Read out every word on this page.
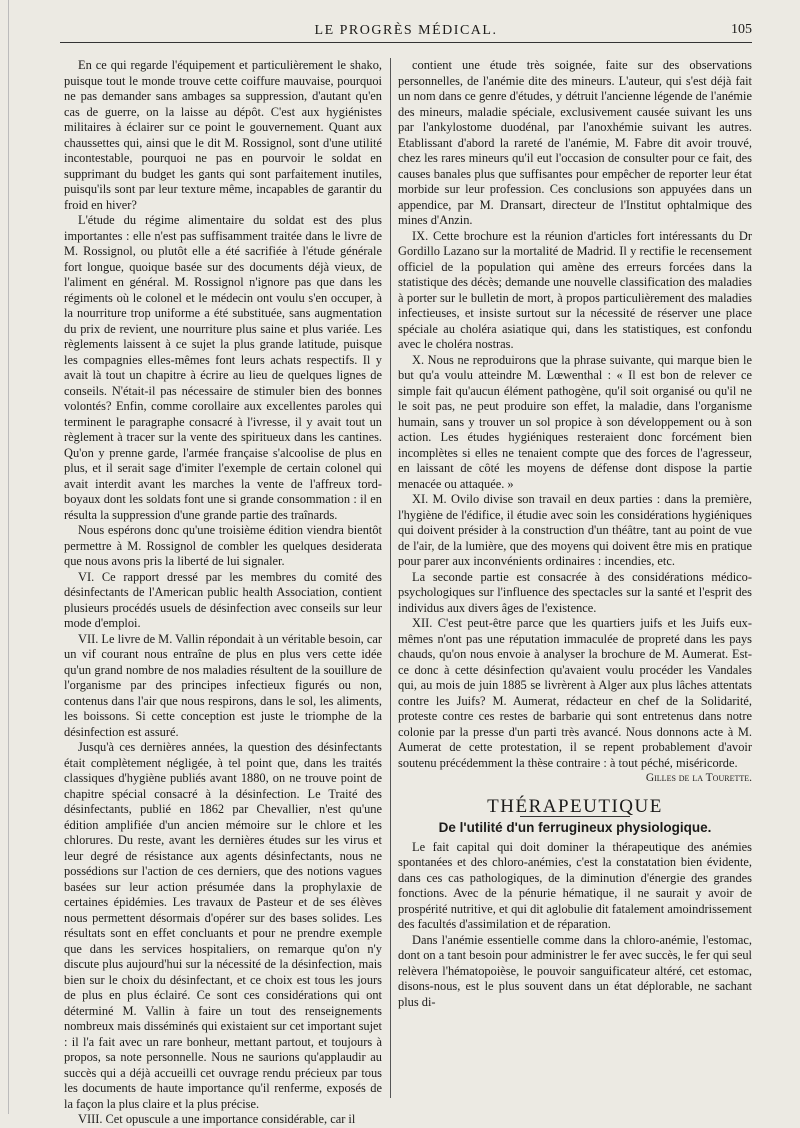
LE PROGRÈS MÉDICAL.	105

En ce qui regarde l'équipement et particulièrement le shako, puisque tout le monde trouve cette coiffure mauvaise, pourquoi ne pas demander sans ambages sa suppression, d'autant qu'en cas de guerre, on la laisse au dépôt. C'est aux hygiénistes militaires à éclairer sur ce point le gouvernement. Quant aux chaussettes qui, ainsi que le dit M. Rossignol, sont d'une utilité incontestable, pourquoi ne pas en pourvoir le soldat en supprimant du budget les gants qui sont parfaitement inutiles, puisqu'ils sont par leur texture même, incapables de garantir du froid en hiver?

L'étude du régime alimentaire du soldat est des plus importantes : elle n'est pas suffisamment traitée dans le livre de M. Rossignol, ou plutôt elle a été sacrifiée à l'étude générale fort longue, quoique basée sur des documents déjà vieux, de l'aliment en général. M. Rossignol n'ignore pas que dans les régiments où le colonel et le médecin ont voulu s'en occuper, à la nourriture trop uniforme a été substituée, sans augmentation du prix de revient, une nourriture plus saine et plus variée. Les règlements laissent à ce sujet la plus grande latitude, puisque les compagnies elles-mêmes font leurs achats respectifs. Il y avait là tout un chapitre à écrire au lieu de quelques lignes de conseils. N'était-il pas nécessaire de stimuler bien des bonnes volontés? Enfin, comme corollaire aux excellentes paroles qui terminent le paragraphe consacré à l'ivresse, il y avait tout un règlement à tracer sur la vente des spiritueux dans les cantines. Qu'on y prenne garde, l'armée française s'alcoolise de plus en plus, et il serait sage d'imiter l'exemple de certain colonel qui avait interdit avant les marches la vente de l'affreux tord-boyaux dont les soldats font une si grande consommation : il en résulta la suppression d'une grande partie des traînards.

Nous espérons donc qu'une troisième édition viendra bientôt permettre à M. Rossignol de combler les quelques desiderata que nous avons pris la liberté de lui signaler.

VI. Ce rapport dressé par les membres du comité des désinfectants de l'American public health Association, contient plusieurs procédés usuels de désinfection avec conseils sur leur mode d'emploi.

VII. Le livre de M. Vallin répondait à un véritable besoin, car un vif courant nous entraîne de plus en plus vers cette idée qu'un grand nombre de nos maladies résultent de la souillure de l'organisme par des principes infectieux figurés ou non, contenus dans l'air que nous respirons, dans le sol, les aliments, les boissons. Si cette conception est juste le triomphe de la désinfection est assuré.

Jusqu'à ces dernières années, la question des désinfectants était complètement négligée, à tel point que, dans les traités classiques d'hygiène publiés avant 1880, on ne trouve point de chapitre spécial consacré à la désinfection. Le Traité des désinfectants, publié en 1862 par Chevallier, n'est qu'une édition amplifiée d'un ancien mémoire sur le chlore et les chlorures. Du reste, avant les dernières études sur les virus et leur degré de résistance aux agents désinfectants, nous ne possédions sur l'action de ces derniers, que des notions vagues basées sur leur action présumée dans la prophylaxie de certaines épidémies. Les travaux de Pasteur et de ses élèves nous permettent désormais d'opérer sur des bases solides. Les résultats sont en effet concluants et pour ne prendre exemple que dans les services hospitaliers, on remarque qu'on n'y discute plus aujourd'hui sur la nécessité de la désinfection, mais bien sur le choix du désinfectant, et ce choix est tous les jours de plus en plus éclairé. Ce sont ces considérations qui ont déterminé M. Vallin à faire un tout des renseignements nombreux mais disséminés qui existaient sur cet important sujet : il l'a fait avec un rare bonheur, mettant partout, et toujours à propos, sa note personnelle. Nous ne saurions qu'applaudir au succès qui a déjà accueilli cet ouvrage rendu précieux par tous les documents de haute importance qu'il renferme, exposés de la façon la plus claire et la plus précise.

VIII. Cet opuscule a une importance considérable, car il

contient une étude très soignée, faite sur des observations personnelles, de l'anémie dite des mineurs. L'auteur, qui s'est déjà fait un nom dans ce genre d'études, y détruit l'ancienne légende de l'anémie des mineurs, maladie spéciale, exclusivement causée suivant les uns par l'ankylostome duodénal, par l'anoxhémie suivant les autres. Etablissant d'abord la rareté de l'anémie, M. Fabre dit avoir trouvé, chez les rares mineurs qu'il eut l'occasion de consulter pour ce fait, des causes banales plus que suffisantes pour empêcher de reporter leur état morbide sur leur profession. Ces conclusions son appuyées dans un appendice, par M. Dransart, directeur de l'Institut ophtalmique des mines d'Anzin.

IX. Cette brochure est la réunion d'articles fort intéressants du Dr Gordillo Lazano sur la mortalité de Madrid. Il y rectifie le recensement officiel de la population qui amène des erreurs forcées dans la statistique des décès; demande une nouvelle classification des maladies à porter sur le bulletin de mort, à propos particulièrement des maladies infectieuses, et insiste surtout sur la nécessité de réserver une place spéciale au choléra asiatique qui, dans les statistiques, est confondu avec le choléra nostras.

X. Nous ne reproduirons que la phrase suivante, qui marque bien le but qu'a voulu atteindre M. Lœwenthal : « Il est bon de relever ce simple fait qu'aucun élément pathogène, qu'il soit organisé ou qu'il ne le soit pas, ne peut produire son effet, la maladie, dans l'organisme humain, sans y trouver un sol propice à son développement ou à son action. Les études hygiéniques resteraient donc forcément bien incomplètes si elles ne tenaient compte que des forces de l'agresseur, en laissant de côté les moyens de défense dont dispose la partie menacée ou attaquée. »

XI. M. Ovilo divise son travail en deux parties : dans la première, l'hygiène de l'édifice, il étudie avec soin les considérations hygiéniques qui doivent présider à la construction d'un théâtre, tant au point de vue de l'air, de la lumière, que des moyens qui doivent être mis en pratique pour parer aux inconvénients ordinaires : incendies, etc.

La seconde partie est consacrée à des considérations médico-psychologiques sur l'influence des spectacles sur la santé et l'esprit des individus aux divers âges de l'existence.

XII. C'est peut-être parce que les quartiers juifs et les Juifs eux-mêmes n'ont pas une réputation immaculée de propreté dans les pays chauds, qu'on nous envoie à analyser la brochure de M. Aumerat. Est-ce donc à cette désinfection qu'avaient voulu procéder les Vandales qui, au mois de juin 1885 se livrèrent à Alger aux plus lâches attentats contre les Juifs? M. Aumerat, rédacteur en chef de la Solidarité, proteste contre ces restes de barbarie qui sont entretenus dans notre colonie par la presse d'un parti très avancé. Nous donnons acte à M. Aumerat de cette protestation, il se repent probablement d'avoir soutenu précédemment la thèse contraire : à tout péché, miséricorde.

Gilles de la Tourette.

THÉRAPEUTIQUE
De l'utilité d'un ferrugineux physiologique.

Le fait capital qui doit dominer la thérapeutique des anémies spontanées et des chloro-anémies, c'est la constatation bien évidente, dans ces cas pathologiques, de la diminution d'énergie des grandes fonctions. Avec de la pénurie hématique, il ne saurait y avoir de prospérité nutritive, et qui dit aglobulie dit fatalement amoindrissement des facultés d'assimilation et de réparation.

Dans l'anémie essentielle comme dans la chloro-anémie, l'estomac, dont on a tant besoin pour administrer le fer avec succès, le fer qui seul relèvera l'hématopoièse, le pouvoir sanguificateur altéré, cet estomac, disons-nous, est le plus souvent dans un état déplorable, ne sachant plus di-
